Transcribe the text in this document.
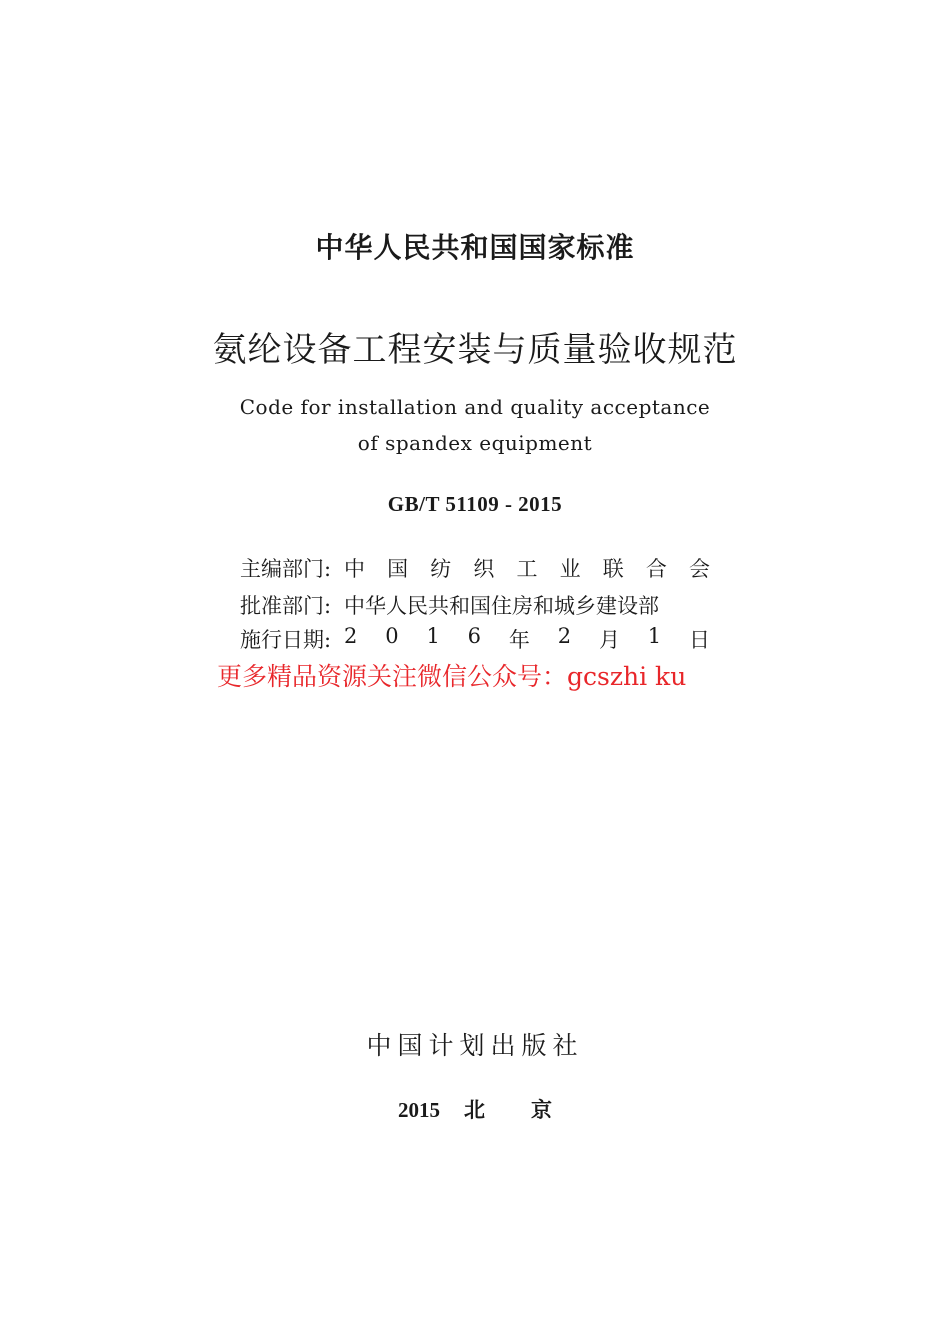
中华人民共和国国家标准
氨纶设备工程安装与质量验收规范
Code for installation and quality acceptance
of spandex equipment
GB/T 51109 - 2015
主编部门: 中 国 纺 织 工 业 联 合 会
批准部门: 中华人民共和国住房和城乡建设部
施行日期: 2 0 1 6 年 2 月 1 日
更多精品资源关注微信公众号：gcszhi ku
中国计划出版社
2015 北 京
